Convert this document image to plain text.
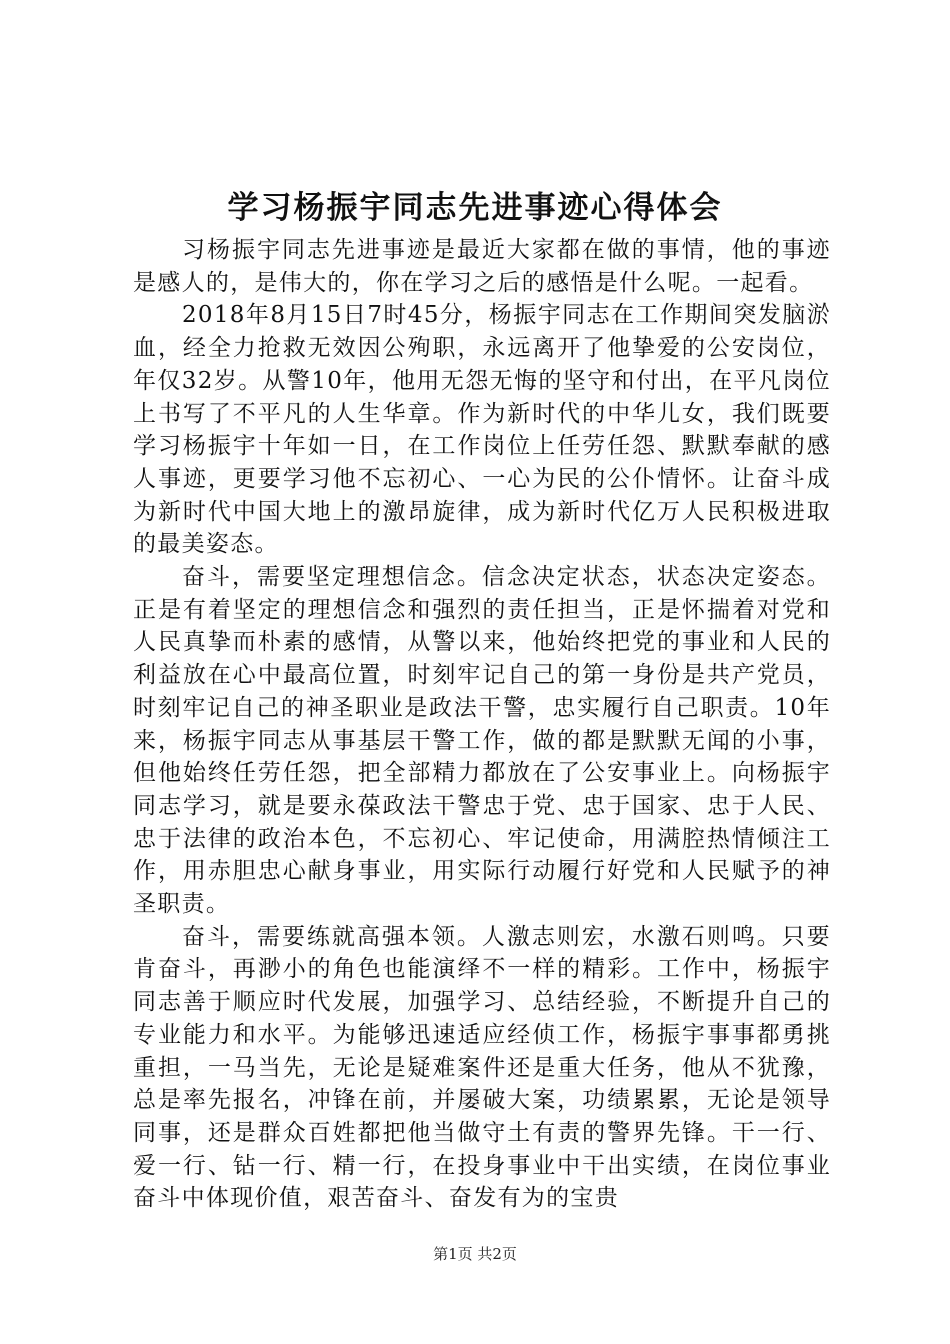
学习杨振宇同志先进事迹心得体会

习杨振宇同志先进事迹是最近大家都在做的事情，他的事迹是感人的，是伟大的，你在学习之后的感悟是什么呢。一起看。

2018年8月15日7时45分，杨振宇同志在工作期间突发脑淤血，经全力抢救无效因公殉职，永远离开了他挚爱的公安岗位，年仅32岁。从警10年，他用无怨无悔的坚守和付出，在平凡岗位上书写了不平凡的人生华章。作为新时代的中华儿女，我们既要学习杨振宇十年如一日，在工作岗位上任劳任怨、默默奉献的感人事迹，更要学习他不忘初心、一心为民的公仆情怀。让奋斗成为新时代中国大地上的激昂旋律，成为新时代亿万人民积极进取的最美姿态。

奋斗，需要坚定理想信念。信念决定状态，状态决定姿态。正是有着坚定的理想信念和强烈的责任担当，正是怀揣着对党和人民真挚而朴素的感情，从警以来，他始终把党的事业和人民的利益放在心中最高位置，时刻牢记自己的第一身份是共产党员，时刻牢记自己的神圣职业是政法干警，忠实履行自己职责。10年来，杨振宇同志从事基层干警工作，做的都是默默无闻的小事，但他始终任劳任怨，把全部精力都放在了公安事业上。向杨振宇同志学习，就是要永葆政法干警忠于党、忠于国家、忠于人民、忠于法律的政治本色，不忘初心、牢记使命，用满腔热情倾注工作，用赤胆忠心献身事业，用实际行动履行好党和人民赋予的神圣职责。

奋斗，需要练就高强本领。人激志则宏，水激石则鸣。只要肯奋斗，再渺小的角色也能演绎不一样的精彩。工作中，杨振宇同志善于顺应时代发展，加强学习、总结经验，不断提升自己的专业能力和水平。为能够迅速适应经侦工作，杨振宇事事都勇挑重担，一马当先，无论是疑难案件还是重大任务，他从不犹豫，总是率先报名，冲锋在前，并屡破大案，功绩累累，无论是领导同事，还是群众百姓都把他当做守土有责的警界先锋。干一行、爱一行、钻一行、精一行，在投身事业中干出实绩，在岗位事业奋斗中体现价值，艰苦奋斗、奋发有为的宝贵

第1页 共2页
